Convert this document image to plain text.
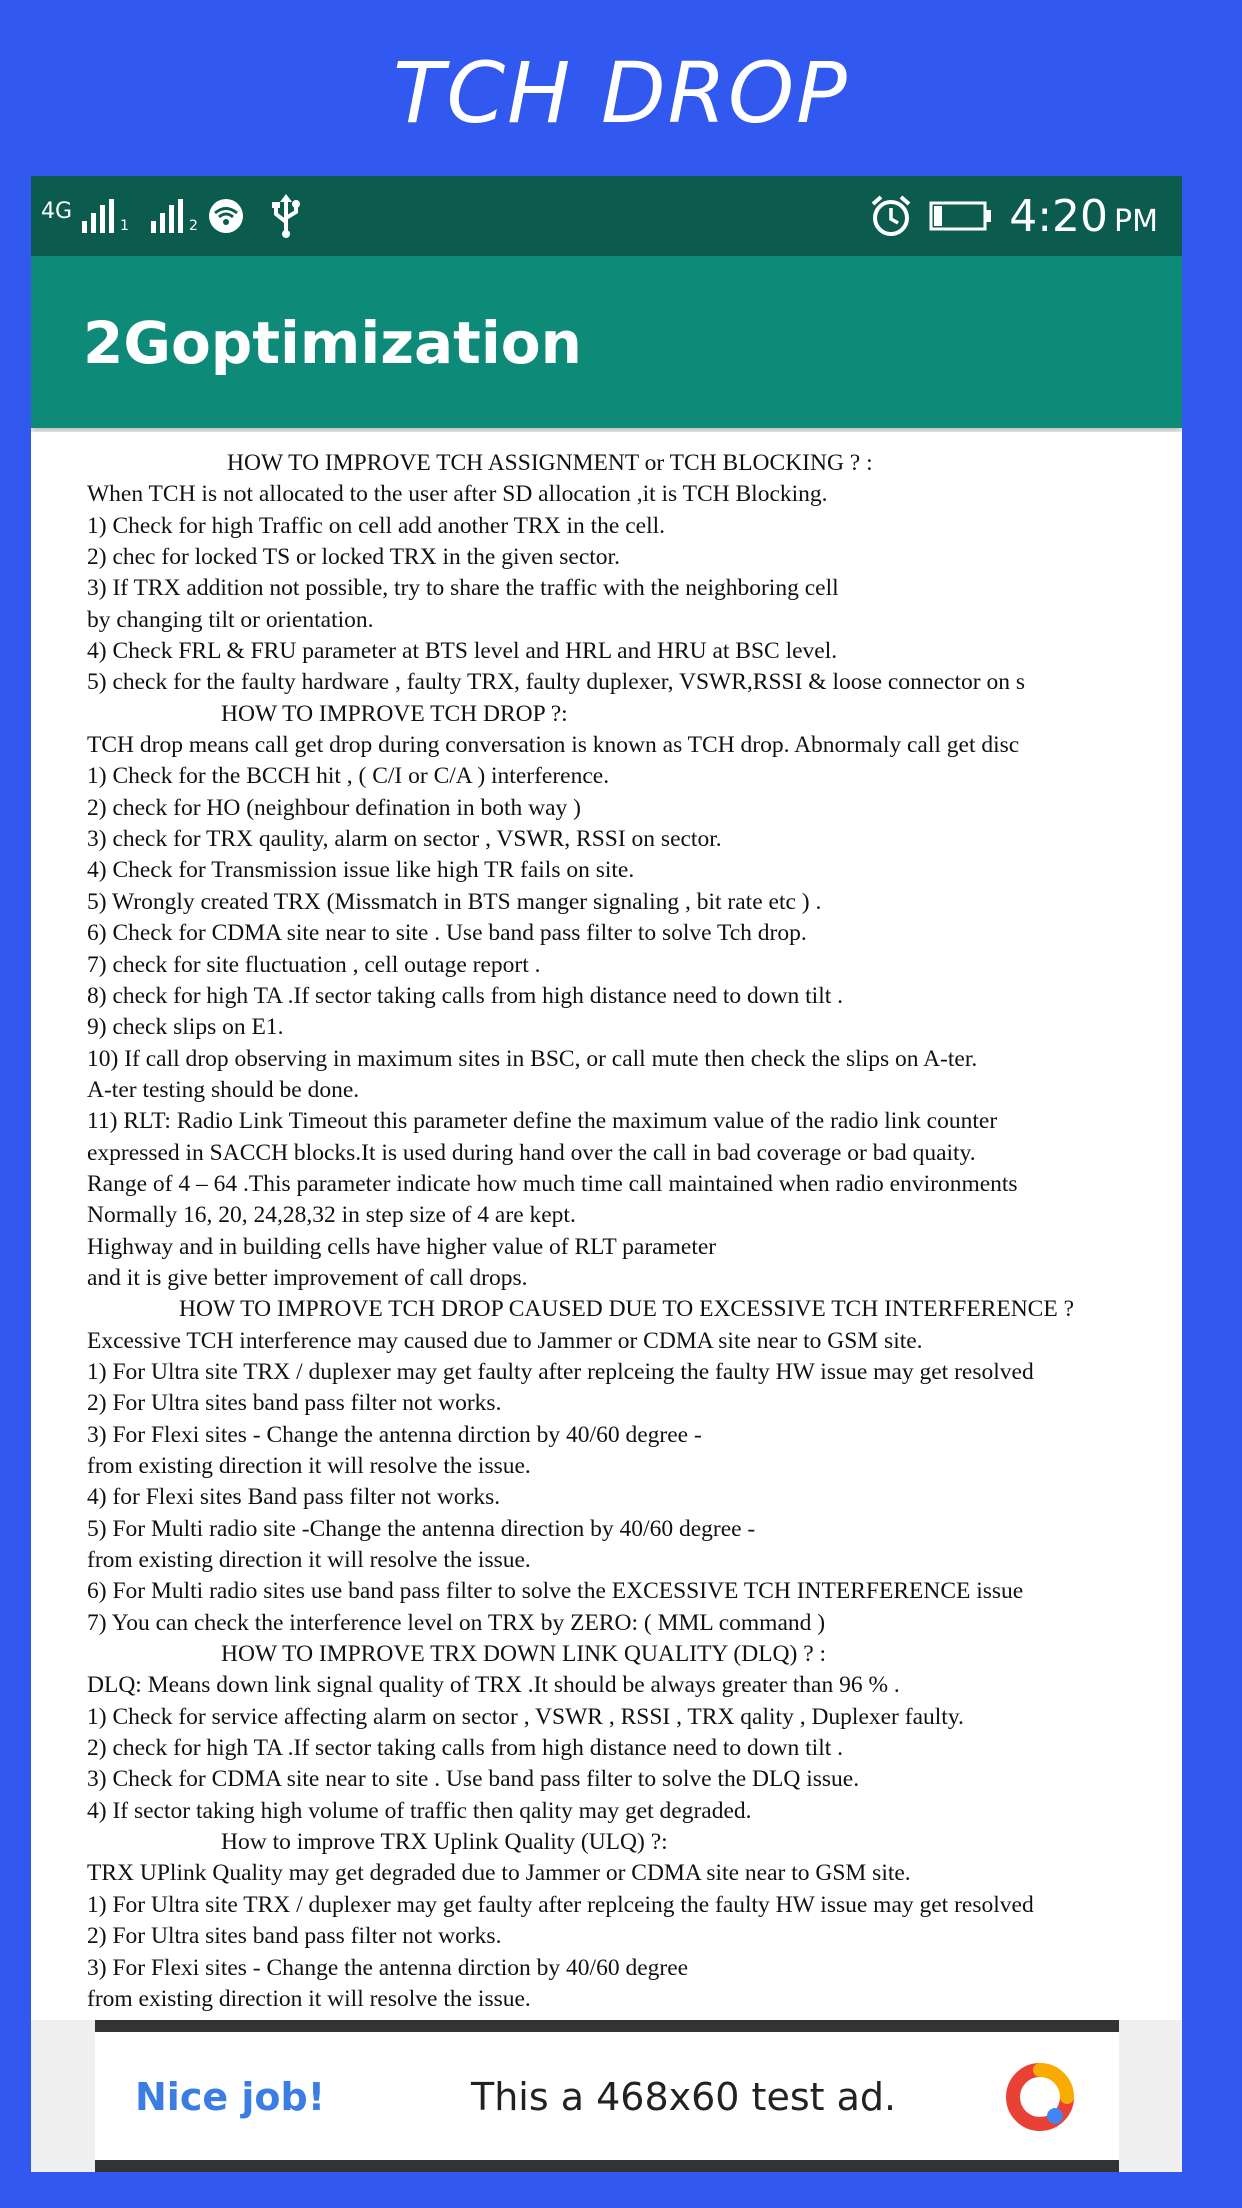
TCH DROP
4G
1	2	4:20 PM
2Goptimization
HOW TO IMPROVE TCH ASSIGNMENT or TCH BLOCKING ? :
When TCH is not allocated to the user after SD allocation ,it is TCH Blocking.
1) Check for high Traffic on cell add another TRX in the cell.
2) chec for locked TS or locked TRX in the given sector.
3) If TRX addition not possible, try to share the traffic with the neighboring cell
by changing tilt or orientation.
4) Check FRL & FRU parameter at BTS level and HRL and HRU at BSC level.
5) check for the faulty hardware , faulty TRX, faulty duplexer, VSWR,RSSI & loose connector on s
HOW TO IMPROVE TCH DROP ?:
TCH drop means call get drop during conversation is known as TCH drop. Abnormaly call get disc
1) Check for the BCCH hit , ( C/I or C/A ) interference.
2) check for HO (neighbour defination in both way )
3) check for TRX qaulity, alarm on sector , VSWR, RSSI on sector.
4) Check for Transmission issue like high TR fails on site.
5) Wrongly created TRX (Missmatch in BTS manger signaling , bit rate etc ) .
6) Check for CDMA site near to site . Use band pass filter to solve Tch drop.
7) check for site fluctuation , cell outage report .
8) check for high TA .If sector taking calls from high distance need to down tilt .
9) check slips on E1.
10) If call drop observing in maximum sites in BSC, or call mute then check the slips on A-ter.
A-ter testing should be done.
11) RLT: Radio Link Timeout this parameter define the maximum value of the radio link counter
expressed in SACCH blocks.It is used during hand over the call in bad coverage or bad quaity.
Range of 4 – 64 .This parameter indicate how much time call maintained when radio environments
Normally 16, 20, 24,28,32 in step size of 4 are kept.
Highway and in building cells have higher value of RLT parameter
and it is give better improvement of call drops.
HOW TO IMPROVE TCH DROP CAUSED DUE TO EXCESSIVE TCH INTERFERENCE ?
Excessive TCH interference may caused due to Jammer or CDMA site near to GSM site.
1) For Ultra site TRX / duplexer may get faulty after replceing the faulty HW issue may get resolved
2) For Ultra sites band pass filter not works.
3) For Flexi sites - Change the antenna dirction by 40/60 degree -
from existing direction it will resolve the issue.
4) for Flexi sites Band pass filter not works.
5) For Multi radio site -Change the antenna direction by 40/60 degree -
from existing direction it will resolve the issue.
6) For Multi radio sites use band pass filter to solve the EXCESSIVE TCH INTERFERENCE issue
7) You can check the interference level on TRX by ZERO: ( MML command )
HOW TO IMPROVE TRX DOWN LINK QUALITY (DLQ) ? :
DLQ: Means down link signal quality of TRX .It should be always greater than 96 % .
1) Check for service affecting alarm on sector , VSWR , RSSI , TRX qality , Duplexer faulty.
2) check for high TA .If sector taking calls from high distance need to down tilt .
3) Check for CDMA site near to site . Use band pass filter to solve the DLQ issue.
4) If sector taking high volume of traffic then qality may get degraded.
How to improve TRX Uplink Quality (ULQ) ?:
TRX UPlink Quality may get degraded due to Jammer or CDMA site near to GSM site.
1) For Ultra site TRX / duplexer may get faulty after replceing the faulty HW issue may get resolved
2) For Ultra sites band pass filter not works.
3) For Flexi sites - Change the antenna dirction by 40/60 degree
from existing direction it will resolve the issue.
Nice job!	This a 468x60 test ad.
